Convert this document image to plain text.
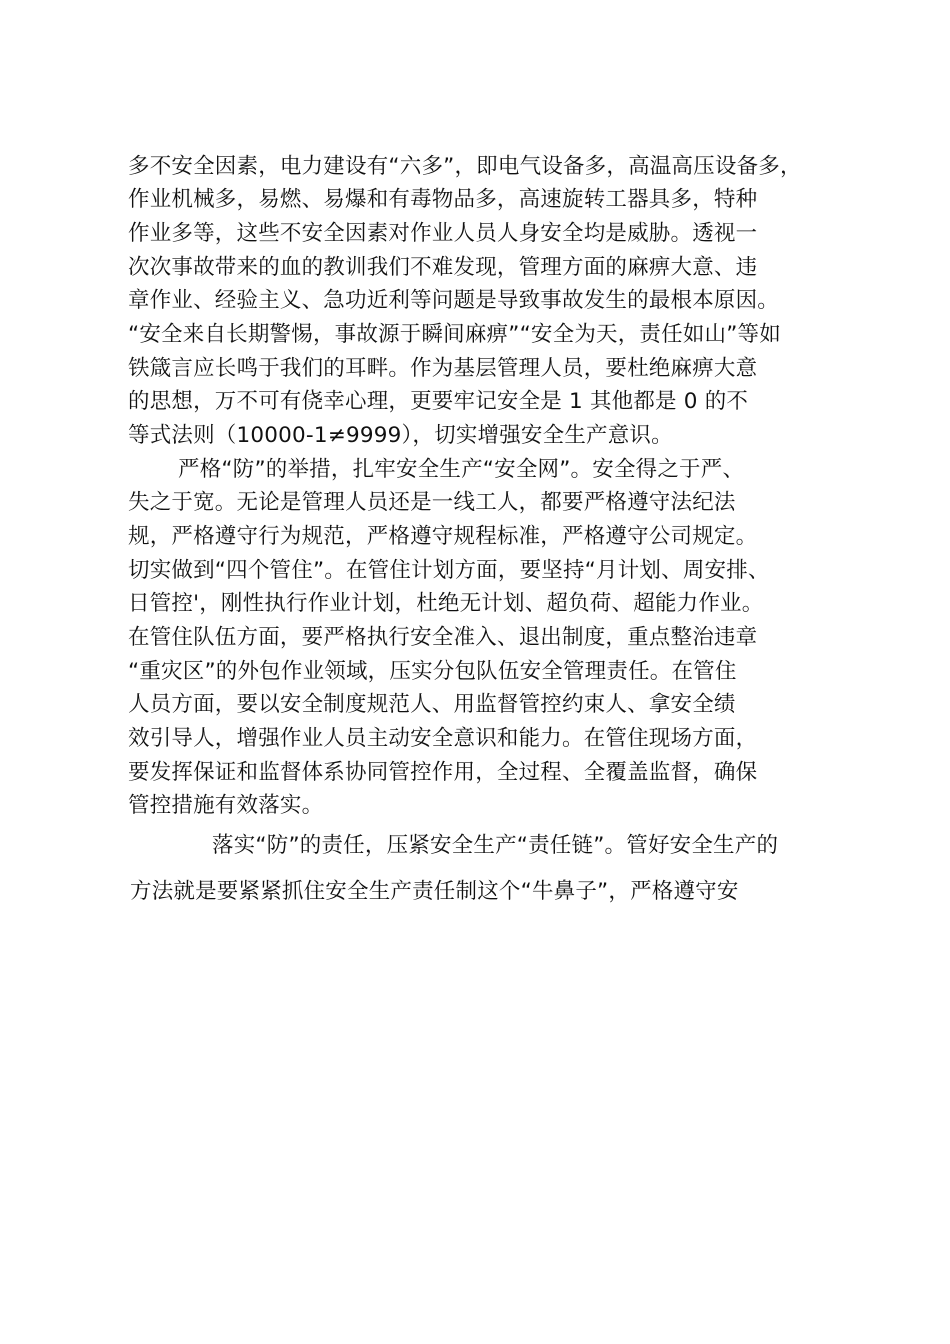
多不安全因素，电力建设有“六多”，即电气设备多，高温高压设备多，
作业机械多，易燃、易爆和有毒物品多，高速旋转工器具多，特种
作业多等，这些不安全因素对作业人员人身安全均是威胁。透视一
次次事故带来的血的教训我们不难发现，管理方面的麻痹大意、违
章作业、经验主义、急功近利等问题是导致事故发生的最根本原因。
“安全来自长期警惕，事故源于瞬间麻痹”“安全为天，责任如山”等如
铁箴言应长鸣于我们的耳畔。作为基层管理人员，要杜绝麻痹大意
的思想，万不可有侥幸心理，更要牢记安全是 1 其他都是 0 的不
等式法则（10000-1≠9999），切实增强安全生产意识。
严格“防”的举措，扎牢安全生产“安全网”。安全得之于严、
失之于宽。无论是管理人员还是一线工人，都要严格遵守法纪法
规，严格遵守行为规范，严格遵守规程标准，严格遵守公司规定。
切实做到“四个管住”。在管住计划方面，要坚持“月计划、周安排、
日管控'，刚性执行作业计划，杜绝无计划、超负荷、超能力作业。
在管住队伍方面，要严格执行安全准入、退出制度，重点整治违章
“重灾区”的外包作业领域，压实分包队伍安全管理责任。在管住
人员方面，要以安全制度规范人、用监督管控约束人、拿安全绩
效引导人，增强作业人员主动安全意识和能力。在管住现场方面，
要发挥保证和监督体系协同管控作用，全过程、全覆盖监督，确保
管控措施有效落实。
落实“防”的责任，压紧安全生产“责任链”。管好安全生产的
方法就是要紧紧抓住安全生产责任制这个“牛鼻子”，严格遵守安
